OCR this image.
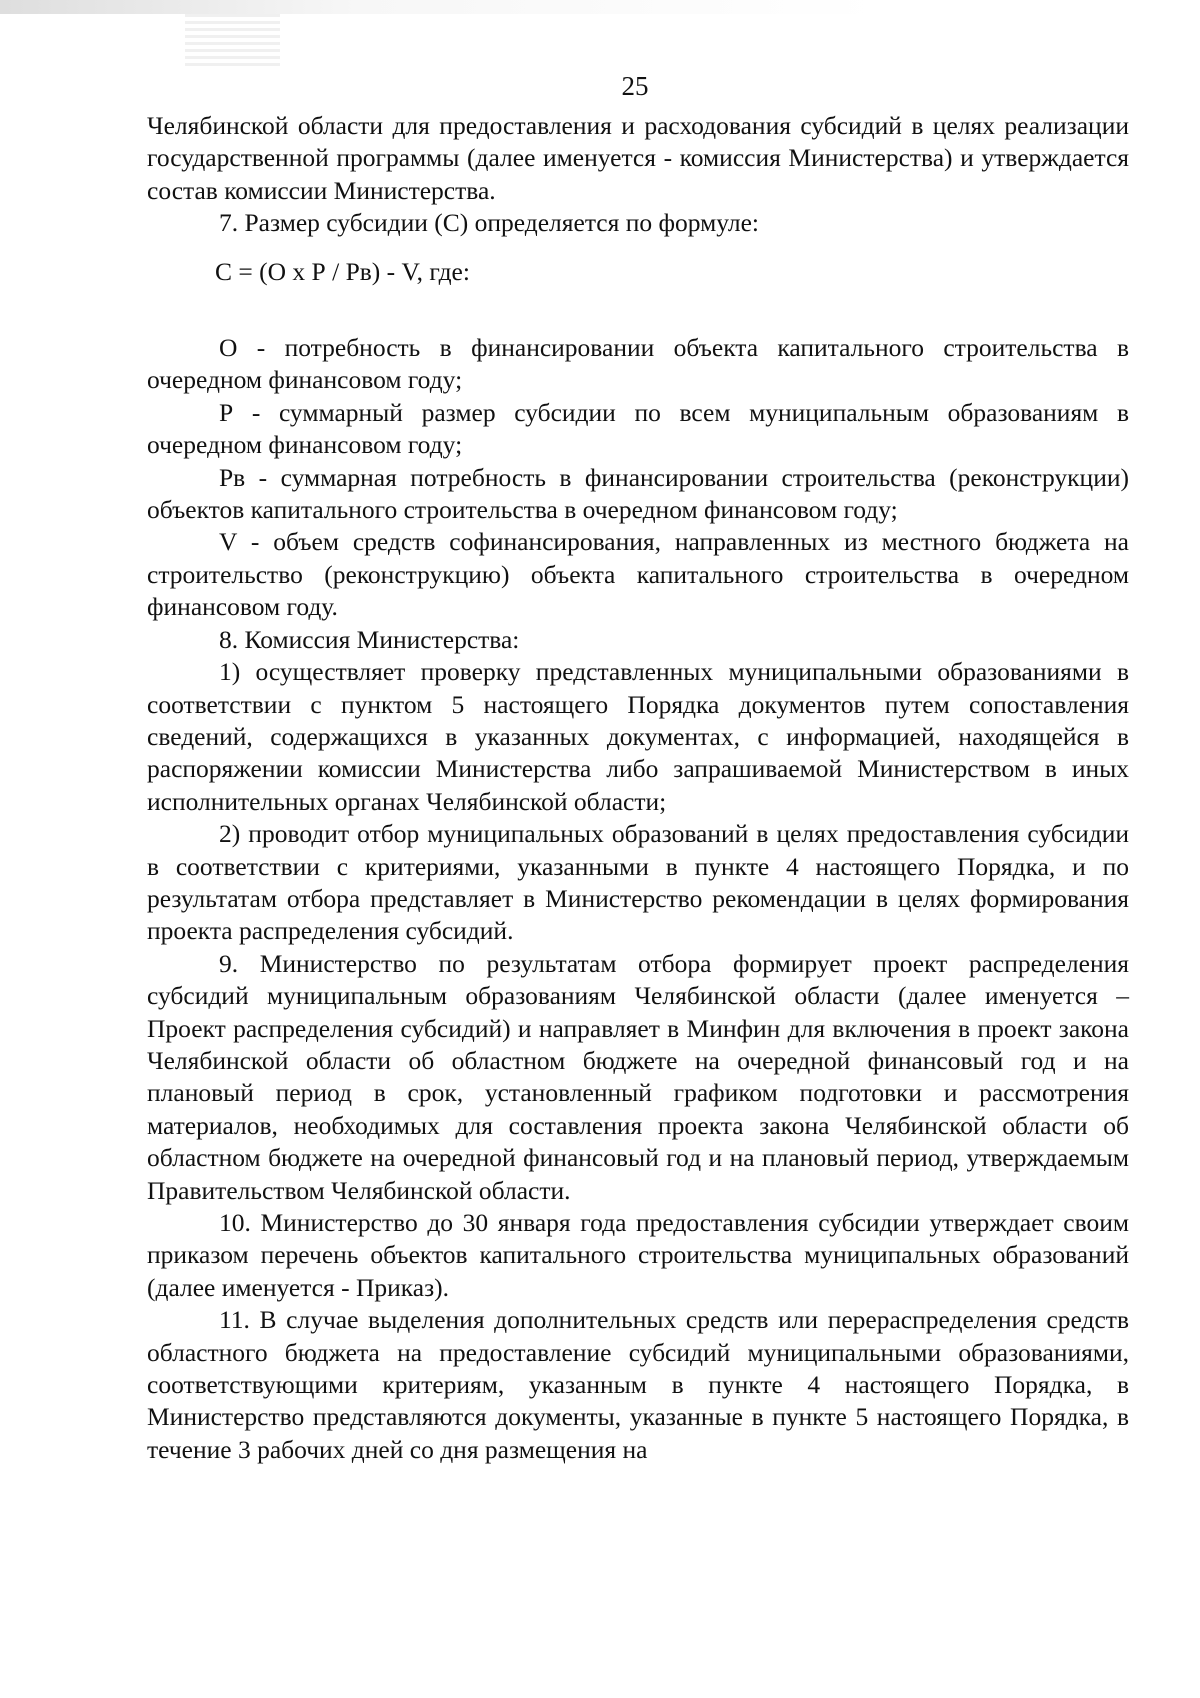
25

Челябинской области для предоставления и расходования субсидий в целях реализации государственной программы (далее именуется - комиссия Министерства) и утверждается состав комиссии Министерства.

7. Размер субсидии (С) определяется по формуле:

С = (О х Р / Рв) - V, где:

О - потребность в финансировании объекта капитального строительства в очередном финансовом году;

Р - суммарный размер субсидии по всем муниципальным образованиям в очередном финансовом году;

Рв - суммарная потребность в финансировании строительства (реконструкции) объектов капитального строительства в очередном финансовом году;

V - объем средств софинансирования, направленных из местного бюджета на строительство (реконструкцию) объекта капитального строительства в очередном финансовом году.

8. Комиссия Министерства:

1) осуществляет проверку представленных муниципальными образованиями в соответствии с пунктом 5 настоящего Порядка документов путем сопоставления сведений, содержащихся в указанных документах, с информацией, находящейся в распоряжении комиссии Министерства либо запрашиваемой Министерством в иных исполнительных органах Челябинской области;

2) проводит отбор муниципальных образований в целях предоставления субсидии в соответствии с критериями, указанными в пункте 4 настоящего Порядка, и по результатам отбора представляет в Министерство рекомендации в целях формирования проекта распределения субсидий.

9. Министерство по результатам отбора формирует проект распределения субсидий муниципальным образованиям Челябинской области (далее именуется – Проект распределения субсидий) и направляет в Минфин для включения в проект закона Челябинской области об областном бюджете на очередной финансовый год и на плановый период в срок, установленный графиком подготовки и рассмотрения материалов, необходимых для составления проекта закона Челябинской области об областном бюджете на очередной финансовый год и на плановый период, утверждаемым Правительством Челябинской области.

10. Министерство до 30 января года предоставления субсидии утверждает своим приказом перечень объектов капитального строительства муниципальных образований (далее именуется - Приказ).

11. В случае выделения дополнительных средств или перераспределения средств областного бюджета на предоставление субсидий муниципальными образованиями, соответствующими критериям, указанным в пункте 4 настоящего Порядка, в Министерство представляются документы, указанные в пункте 5 настоящего Порядка, в течение 3 рабочих дней со дня размещения на
